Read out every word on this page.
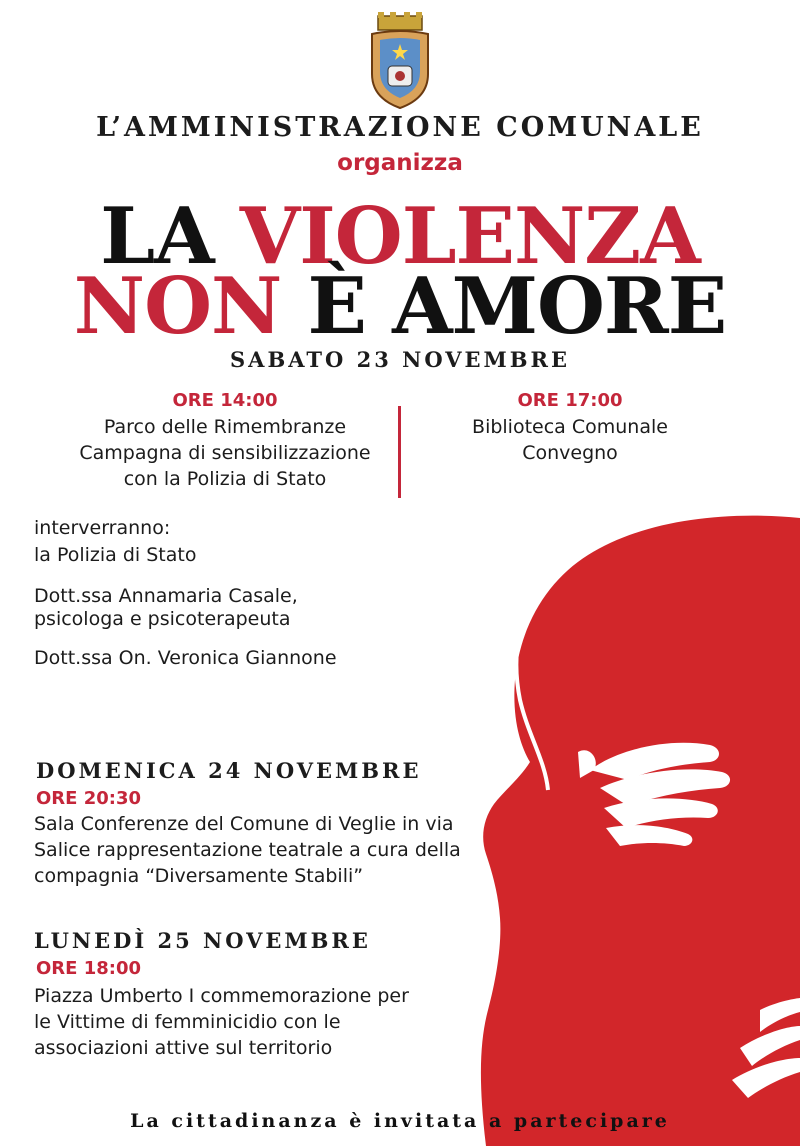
L’AMMINISTRAZIONE COMUNALE
organizza
LA VIOLENZA
NON È AMORE
SABATO 23 NOVEMBRE
ORE 14:00
Parco delle Rimembranze
Campagna di sensibilizzazione
con la Polizia di Stato
ORE 17:00
Biblioteca Comunale
Convegno
interverranno:
la Polizia di Stato
Dott.ssa Annamaria Casale,
psicologa e psicoterapeuta
Dott.ssa On. Veronica Giannone
DOMENICA 24 NOVEMBRE
ORE 20:30
Sala Conferenze del Comune di Veglie in via
Salice rappresentazione teatrale a cura della
compagnia “Diversamente Stabili”
LUNEDÌ 25 NOVEMBRE
ORE 18:00
Piazza Umberto I commemorazione per
le Vittime di femminicidio con le
associazioni attive sul territorio
La cittadinanza è invitata a partecipare
